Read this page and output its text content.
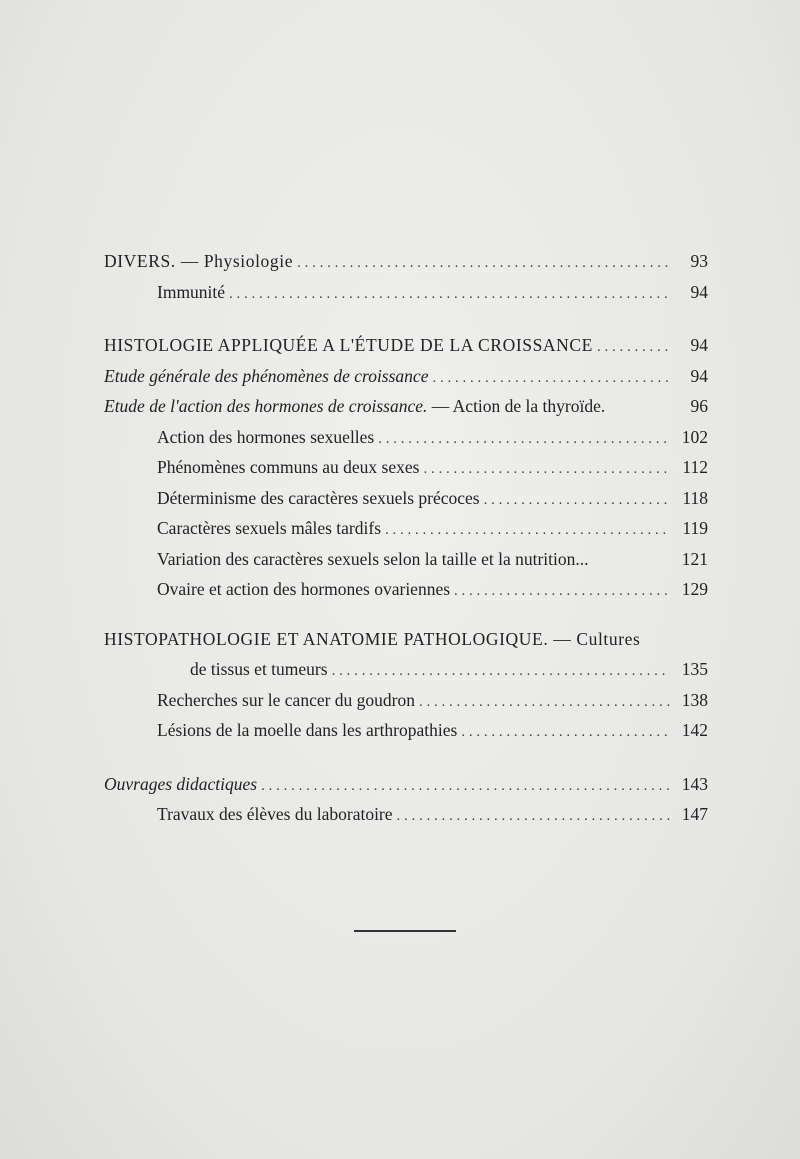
DIVERS. — Physiologie . . .	93
Immunité . . .	94
HISTOLOGIE APPLIQUÉE A L'ÉTUDE DE LA CROISSANCE . . .	94
Etude générale des phénomènes de croissance . . .	94
Etude de l'action des hormones de croissance. — Action de la thyroïde.	96
Action des hormones sexuelles . . .	102
Phénomènes communs au deux sexes . . .	112
Déterminisme des caractères sexuels précoces . . .	118
Caractères sexuels mâles tardifs . . .	119
Variation des caractères sexuels selon la taille et la nutrition...	121
Ovaire et action des hormones ovariennes . . .	129
HISTOPATHOLOGIE ET ANATOMIE PATHOLOGIQUE. — Cultures
de tissus et tumeurs . . .	135
Recherches sur le cancer du goudron . . .	138
Lésions de la moelle dans les arthropathies . . .	142
Ouvrages didactiques . . .	143
Travaux des élèves du laboratoire . . .	147
